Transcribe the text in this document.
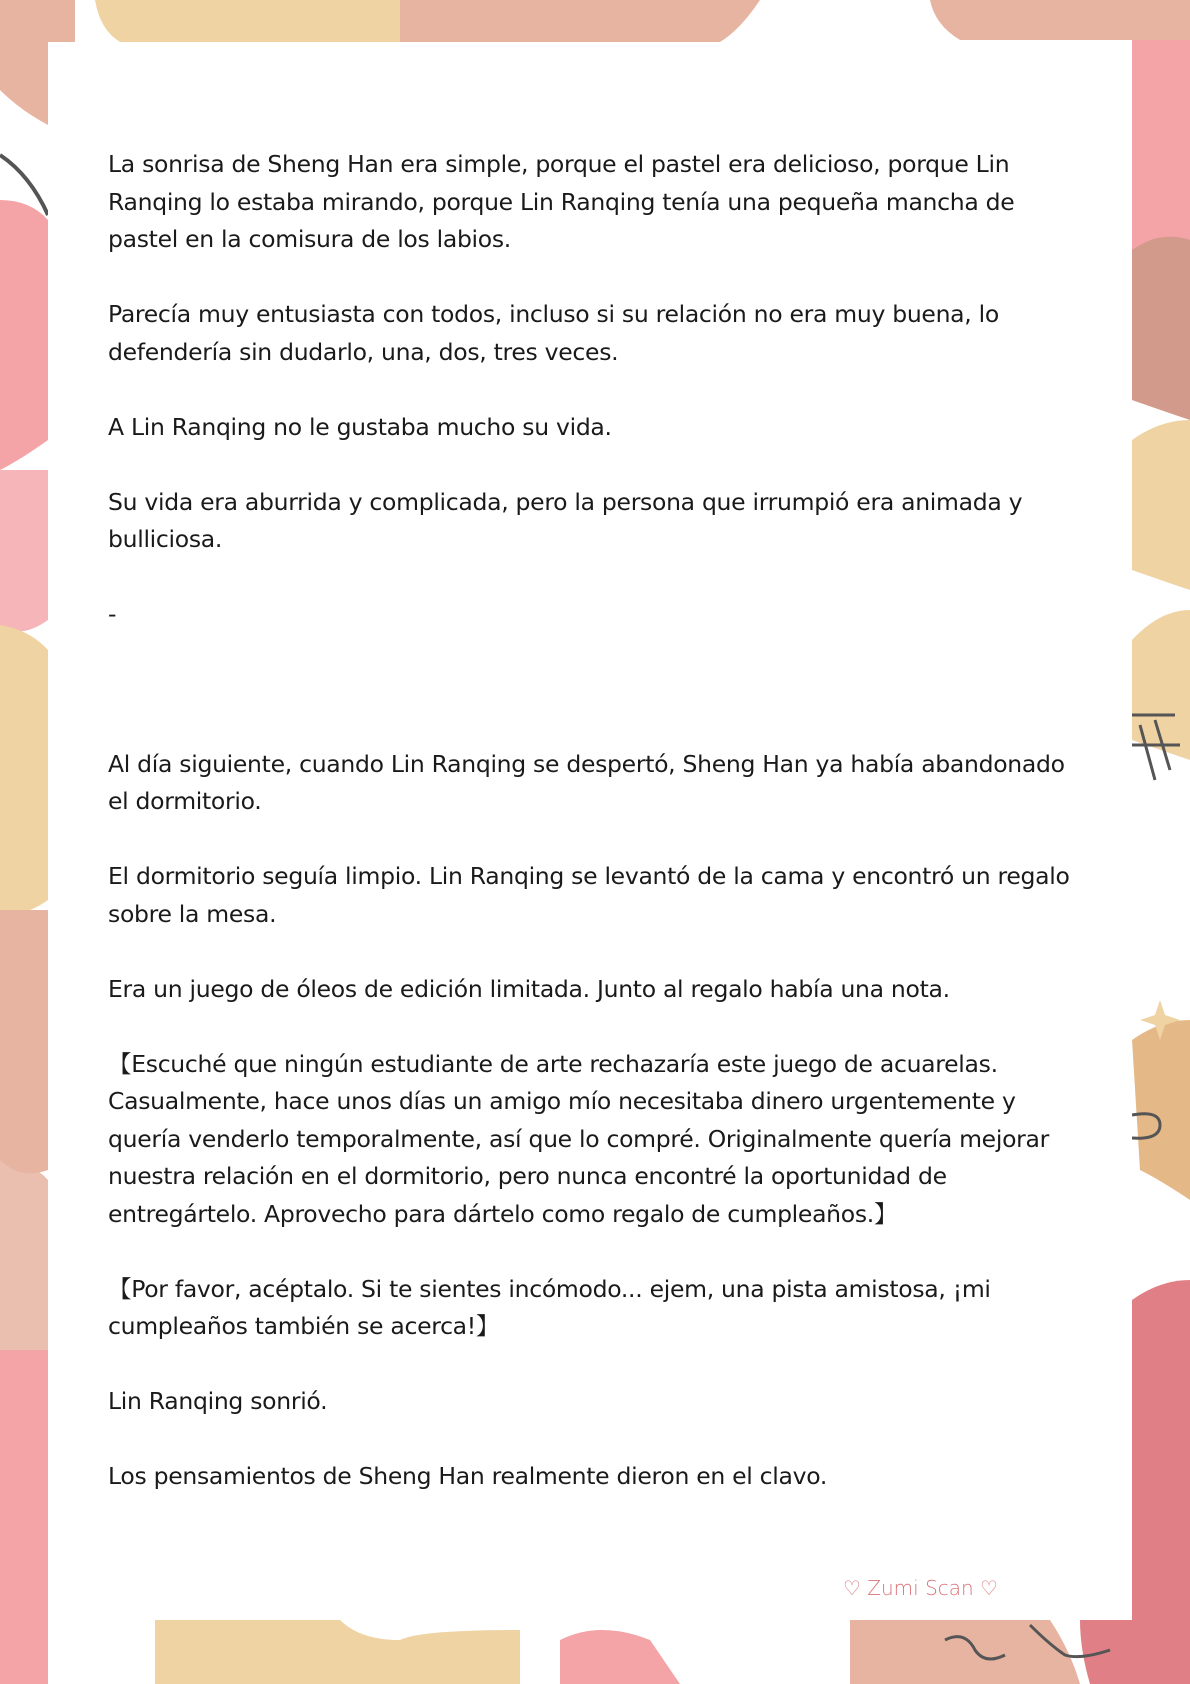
La sonrisa de Sheng Han era simple, porque el pastel era delicioso, porque Lin Ranqing lo estaba mirando, porque Lin Ranqing tenía una pequeña mancha de pastel en la comisura de los labios.

Parecía muy entusiasta con todos, incluso si su relación no era muy buena, lo defendería sin dudarlo, una, dos, tres veces.

A Lin Ranqing no le gustaba mucho su vida.

Su vida era aburrida y complicada, pero la persona que irrumpió era animada y bulliciosa.

-

Al día siguiente, cuando Lin Ranqing se despertó, Sheng Han ya había abandonado el dormitorio.

El dormitorio seguía limpio. Lin Ranqing se levantó de la cama y encontró un regalo sobre la mesa.

Era un juego de óleos de edición limitada. Junto al regalo había una nota.

【Escuché que ningún estudiante de arte rechazaría este juego de acuarelas. Casualmente, hace unos días un amigo mío necesitaba dinero urgentemente y quería venderlo temporalmente, así que lo compré. Originalmente quería mejorar nuestra relación en el dormitorio, pero nunca encontré la oportunidad de entregártelo. Aprovecho para dártelo como regalo de cumpleaños.】

【Por favor, acéptalo. Si te sientes incómodo... ejem, una pista amistosa, ¡mi cumpleaños también se acerca!】

Lin Ranqing sonrió.

Los pensamientos de Sheng Han realmente dieron en el clavo.

♡ Zumi Scan ♡
